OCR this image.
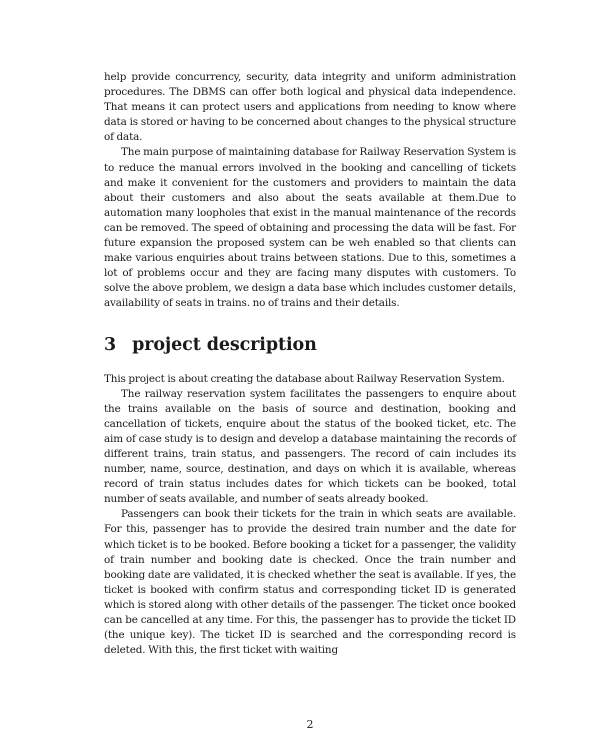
help provide concurrency, security, data integrity and uniform administration procedures. The DBMS can offer both logical and physical data independence. That means it can protect users and applications from needing to know where data is stored or having to be concerned about changes to the physical structure of data.

The main purpose of maintaining database for Railway Reservation System is to reduce the manual errors involved in the booking and cancelling of tickets and make it convenient for the customers and providers to maintain the data about their customers and also about the seats available at them.Due to automation many loopholes that exist in the manual maintenance of the records can be removed. The speed of obtaining and processing the data will be fast. For future expansion the proposed system can be weh enabled so that clients can make various enquiries about trains between stations. Due to this, sometimes a lot of problems occur and they are facing many disputes with customers. To solve the above problem, we design a data base which includes customer details, availability of seats in trains. no of trains and their details.

3 project description

This project is about creating the database about Railway Reservation System.

The railway reservation system facilitates the passengers to enquire about the trains available on the basis of source and destination, booking and cancellation of tickets, enquire about the status of the booked ticket, etc. The aim of case study is to design and develop a database maintaining the records of different trains, train status, and passengers. The record of cain includes its number, name, source, destination, and days on which it is available, whereas record of train status includes dates for which tickets can be booked, total number of seats available, and number of seats already booked.

Passengers can book their tickets for the train in which seats are available. For this, passenger has to provide the desired train number and the date for which ticket is to be booked. Before booking a ticket for a passenger, the validity of train number and booking date is checked. Once the train number and booking date are validated, it is checked whether the seat is available. If yes, the ticket is booked with confirm status and corresponding ticket ID is generated which is stored along with other details of the passenger. The ticket once booked can be cancelled at any time. For this, the passenger has to provide the ticket ID (the unique key). The ticket ID is searched and the corresponding record is deleted. With this, the first ticket with waiting

2
